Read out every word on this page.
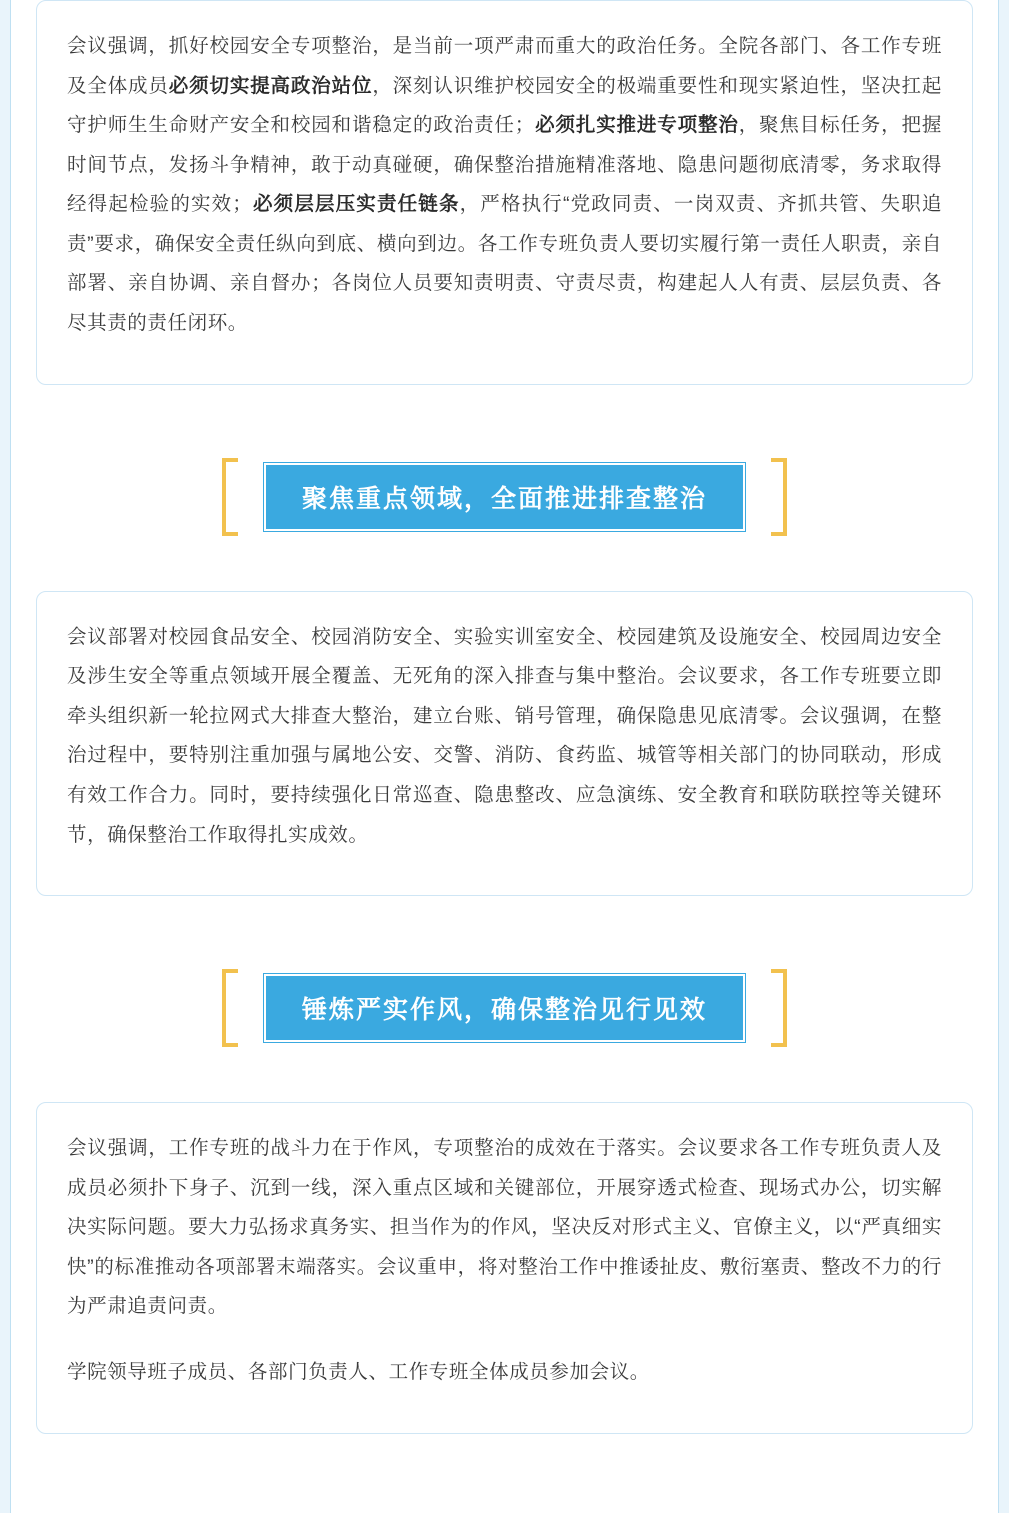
会议强调，抓好校园安全专项整治，是当前一项严肃而重大的政治任务。全院各部门、各工作专班及全体成员必须切实提高政治站位，深刻认识维护校园安全的极端重要性和现实紧迫性，坚决扛起守护师生生命财产安全和校园和谐稳定的政治责任；必须扎实推进专项整治，聚焦目标任务，把握时间节点，发扬斗争精神，敢于动真碰硬，确保整治措施精准落地、隐患问题彻底清零，务求取得经得起检验的实效；必须层层压实责任链条，严格执行“党政同责、一岗双责、齐抓共管、失职追责”要求，确保安全责任纵向到底、横向到边。各工作专班负责人要切实履行第一责任人职责，亲自部署、亲自协调、亲自督办；各岗位人员要知责明责、守责尽责，构建起人人有责、层层负责、各尽其责的责任闭环。

聚焦重点领域，全面推进排查整治

会议部署对校园食品安全、校园消防安全、实验实训室安全、校园建筑及设施安全、校园周边安全及涉生安全等重点领域开展全覆盖、无死角的深入排查与集中整治。会议要求，各工作专班要立即牵头组织新一轮拉网式大排查大整治，建立台账、销号管理，确保隐患见底清零。会议强调，在整治过程中，要特别注重加强与属地公安、交警、消防、食药监、城管等相关部门的协同联动，形成有效工作合力。同时，要持续强化日常巡查、隐患整改、应急演练、安全教育和联防联控等关键环节，确保整治工作取得扎实成效。

锤炼严实作风，确保整治见行见效

会议强调，工作专班的战斗力在于作风，专项整治的成效在于落实。会议要求各工作专班负责人及成员必须扑下身子、沉到一线，深入重点区域和关键部位，开展穿透式检查、现场式办公，切实解决实际问题。要大力弘扬求真务实、担当作为的作风，坚决反对形式主义、官僚主义，以“严真细实快”的标准推动各项部署末端落实。会议重申，将对整治工作中推诿扯皮、敷衍塞责、整改不力的行为严肃追责问责。

学院领导班子成员、各部门负责人、工作专班全体成员参加会议。
